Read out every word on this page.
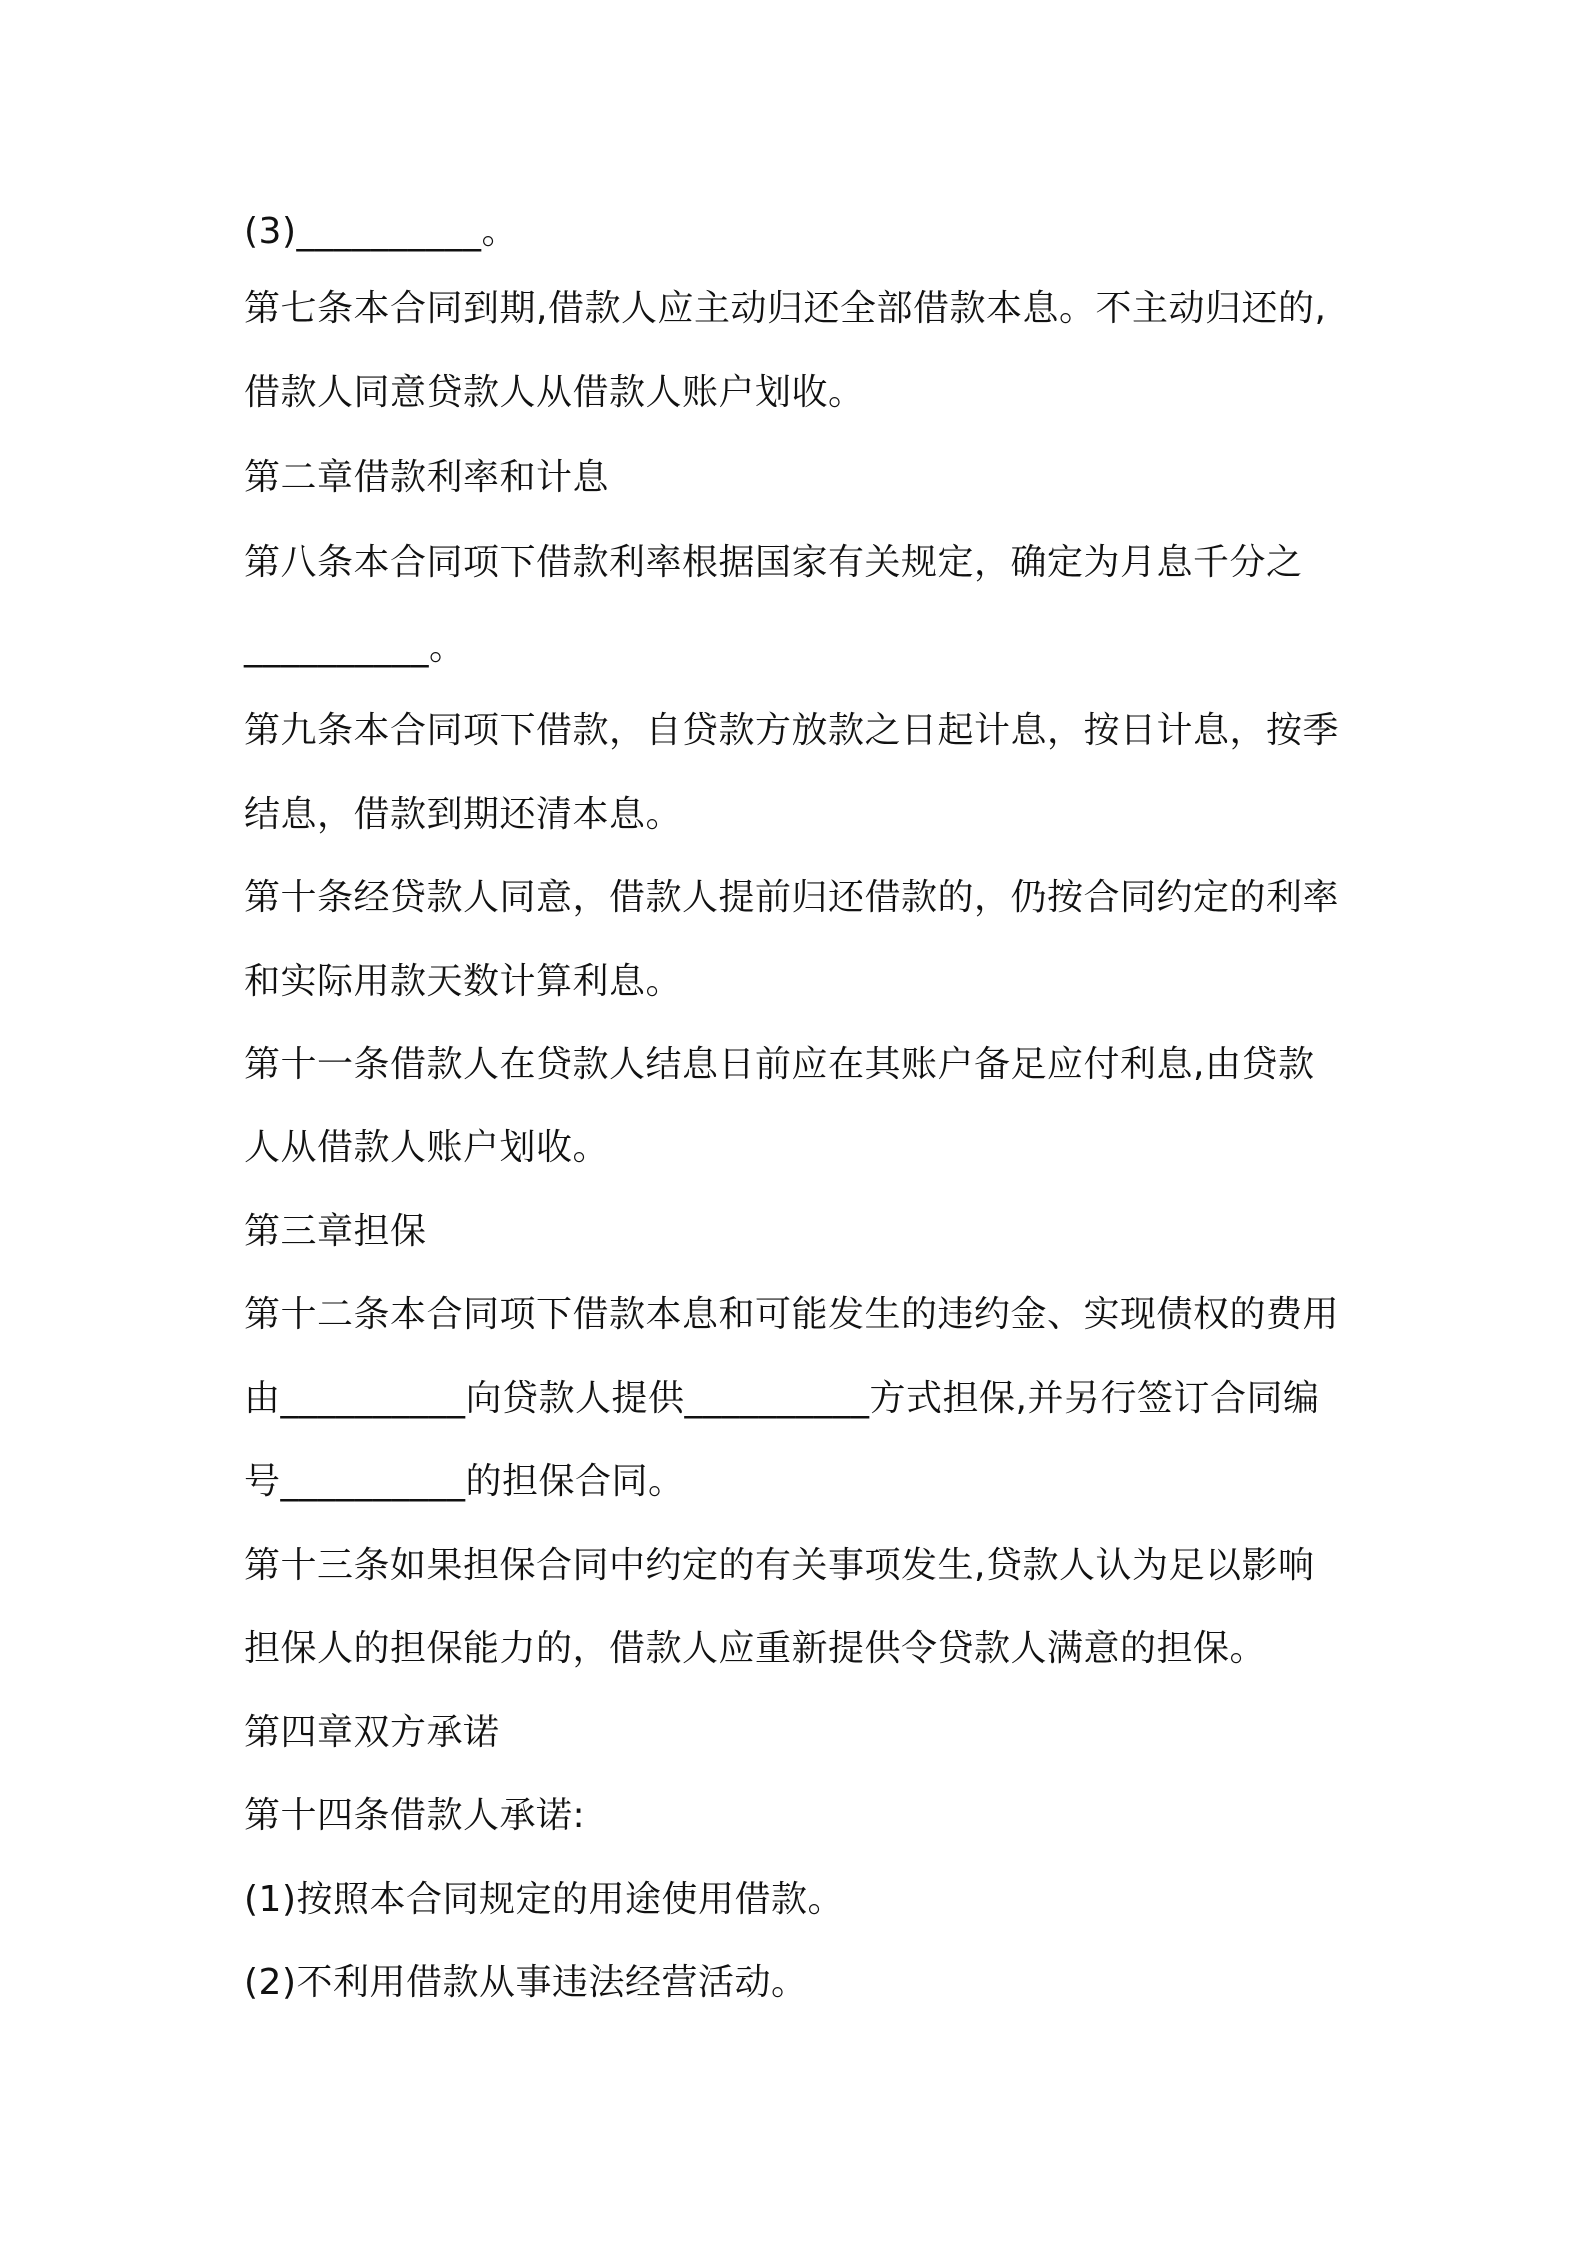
(3)__________。
第七条本合同到期,借款人应主动归还全部借款本息。不主动归还的,
借款人同意贷款人从借款人账户划收。
第二章借款利率和计息
第八条本合同项下借款利率根据国家有关规定，确定为月息千分之
__________。
第九条本合同项下借款，自贷款方放款之日起计息，按日计息，按季
结息，借款到期还清本息。
第十条经贷款人同意，借款人提前归还借款的，仍按合同约定的利率
和实际用款天数计算利息。
第十一条借款人在贷款人结息日前应在其账户备足应付利息,由贷款
人从借款人账户划收。
第三章担保
第十二条本合同项下借款本息和可能发生的违约金、实现债权的费用
由__________向贷款人提供__________方式担保,并另行签订合同编
号__________的担保合同。
第十三条如果担保合同中约定的有关事项发生,贷款人认为足以影响
担保人的担保能力的，借款人应重新提供令贷款人满意的担保。
第四章双方承诺
第十四条借款人承诺:
(1)按照本合同规定的用途使用借款。
(2)不利用借款从事违法经营活动。
